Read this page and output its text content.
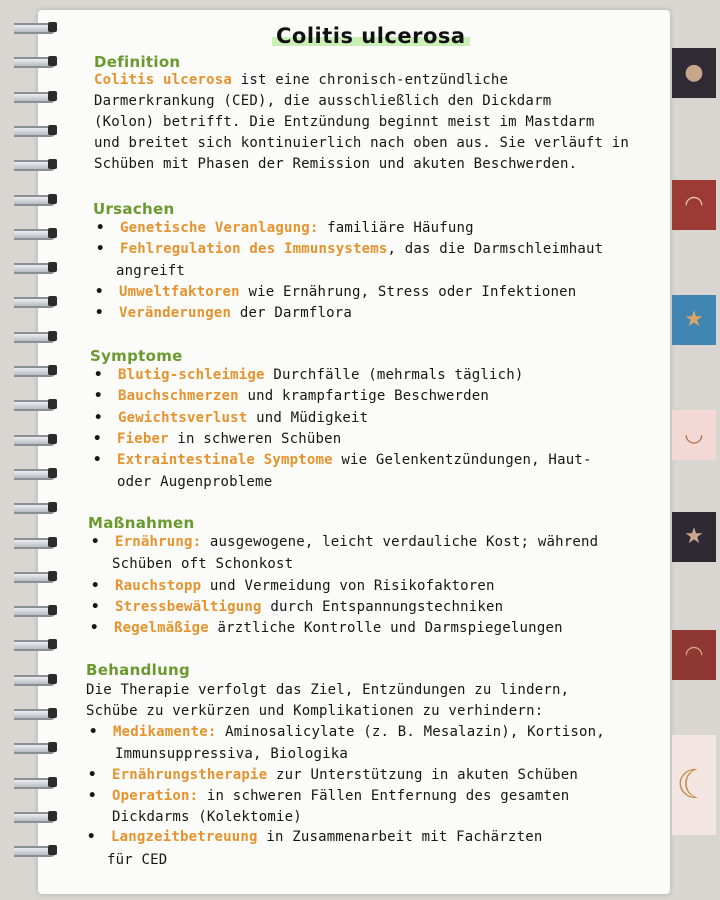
●
◠
★
◡
★
◠
☾
Colitis ulcerosa
Definition
Colitis ulcerosa ist eine chronisch-entzündliche
Darmerkrankung (CED), die ausschließlich den Dickdarm
(Kolon) betrifft. Die Entzündung beginnt meist im Mastdarm
und breitet sich kontinuierlich nach oben aus. Sie verläuft in
Schüben mit Phasen der Remission und akuten Beschwerden.
Ursachen
• Genetische Veranlagung: familiäre Häufung
• Fehlregulation des Immunsystems, das die Darmschleimhaut
angreift
• Umweltfaktoren wie Ernährung, Stress oder Infektionen
• Veränderungen der Darmflora
Symptome
• Blutig-schleimige Durchfälle (mehrmals täglich)
• Bauchschmerzen und krampfartige Beschwerden
• Gewichtsverlust und Müdigkeit
• Fieber in schweren Schüben
• Extraintestinale Symptome wie Gelenkentzündungen, Haut-
oder Augenprobleme
Maßnahmen
• Ernährung: ausgewogene, leicht verdauliche Kost; während
Schüben oft Schonkost
• Rauchstopp und Vermeidung von Risikofaktoren
• Stressbewältigung durch Entspannungstechniken
• Regelmäßige ärztliche Kontrolle und Darmspiegelungen
Behandlung
Die Therapie verfolgt das Ziel, Entzündungen zu lindern,
Schübe zu verkürzen und Komplikationen zu verhindern:
• Medikamente: Aminosalicylate (z. B. Mesalazin), Kortison,
Immunsuppressiva, Biologika
• Ernährungstherapie zur Unterstützung in akuten Schüben
• Operation: in schweren Fällen Entfernung des gesamten
Dickdarms (Kolektomie)
• Langzeitbetreuung in Zusammenarbeit mit Fachärzten
für CED
